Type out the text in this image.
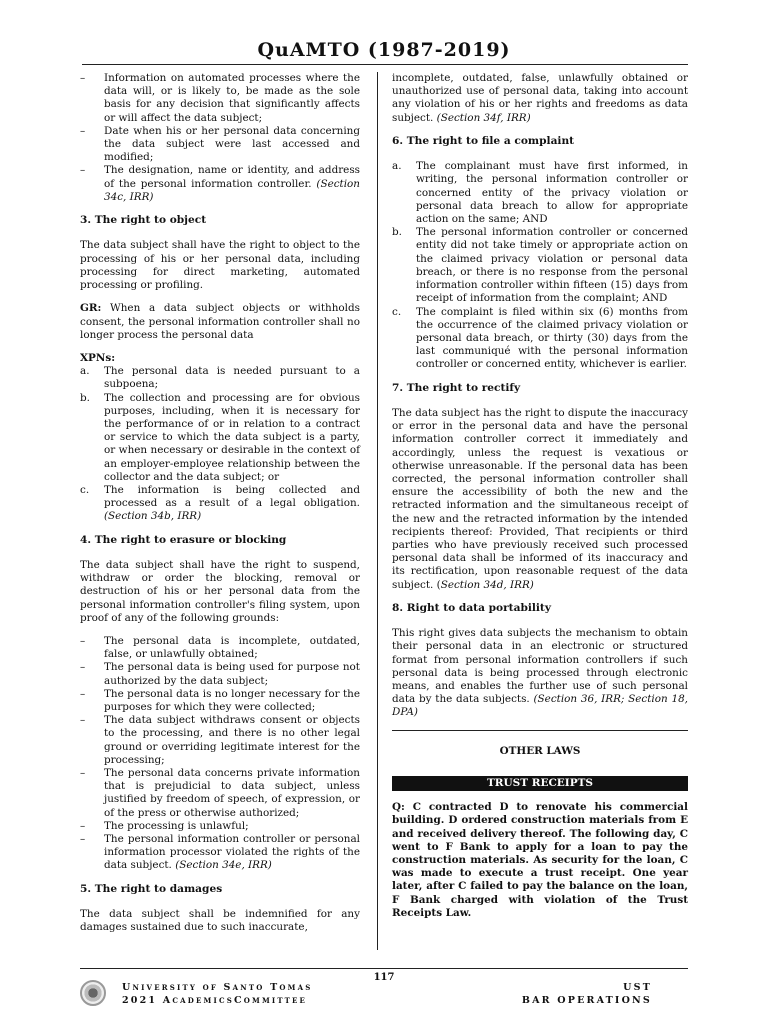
QuAMTO (1987-2019)
– Information on automated processes where the data will, or is likely to, be made as the sole basis for any decision that significantly affects or will affect the data subject;
– Date when his or her personal data concerning the data subject were last accessed and modified;
– The designation, name or identity, and address of the personal information controller. (Section 34c, IRR)
3. The right to object

The data subject shall have the right to object to the processing of his or her personal data, including processing for direct marketing, automated processing or profiling.

GR: When a data subject objects or withholds consent, the personal information controller shall no longer process the personal data

XPNs:
a. The personal data is needed pursuant to a subpoena;
b. The collection and processing are for obvious purposes, including, when it is necessary for the performance of or in relation to a contract or service to which the data subject is a party, or when necessary or desirable in the context of an employer-employee relationship between the collector and the data subject; or
c. The information is being collected and processed as a result of a legal obligation. (Section 34b, IRR)
4. The right to erasure or blocking

The data subject shall have the right to suspend, withdraw or order the blocking, removal or destruction of his or her personal data from the personal information controller's filing system, upon proof of any of the following grounds:

– The personal data is incomplete, outdated, false, or unlawfully obtained;
– The personal data is being used for purpose not authorized by the data subject;
– The personal data is no longer necessary for the purposes for which they were collected;
– The data subject withdraws consent or objects to the processing, and there is no other legal ground or overriding legitimate interest for the processing;
– The personal data concerns private information that is prejudicial to data subject, unless justified by freedom of speech, of expression, or of the press or otherwise authorized;
– The processing is unlawful;
– The personal information controller or personal information processor violated the rights of the data subject. (Section 34e, IRR)
5. The right to damages

The data subject shall be indemnified for any damages sustained due to such inaccurate,

incomplete, outdated, false, unlawfully obtained or unauthorized use of personal data, taking into account any violation of his or her rights and freedoms as data subject. (Section 34f, IRR)

6. The right to file a complaint
a. The complainant must have first informed, in writing, the personal information controller or concerned entity of the privacy violation or personal data breach to allow for appropriate action on the same; AND
b. The personal information controller or concerned entity did not take timely or appropriate action on the claimed privacy violation or personal data breach, or there is no response from the personal information controller within fifteen (15) days from receipt of information from the complaint; AND
c. The complaint is filed within six (6) months from the occurrence of the claimed privacy violation or personal data breach, or thirty (30) days from the last communiqué with the personal information controller or concerned entity, whichever is earlier.
7. The right to rectify

The data subject has the right to dispute the inaccuracy or error in the personal data and have the personal information controller correct it immediately and accordingly, unless the request is vexatious or otherwise unreasonable. If the personal data has been corrected, the personal information controller shall ensure the accessibility of both the new and the retracted information and the simultaneous receipt of the new and the retracted information by the intended recipients thereof: Provided, That recipients or third parties who have previously received such processed personal data shall be informed of its inaccuracy and its rectification, upon reasonable request of the data subject. (Section 34d, IRR)

8. Right to data portability

This right gives data subjects the mechanism to obtain their personal data in an electronic or structured format from personal information controllers if such personal data is being processed through electronic means, and enables the further use of such personal data by the data subjects. (Section 36, IRR; Section 18, DPA)

OTHER LAWS
TRUST RECEIPTS

Q: C contracted D to renovate his commercial building. D ordered construction materials from E and received delivery thereof. The following day, C went to F Bank to apply for a loan to pay the construction materials. As security for the loan, C was made to execute a trust receipt. One year later, after C failed to pay the balance on the loan, F Bank charged with violation of the Trust Receipts Law.

117
University of Santo Tomas
2021 AcademicsCommittee
UST
BAR OPERATIONS
